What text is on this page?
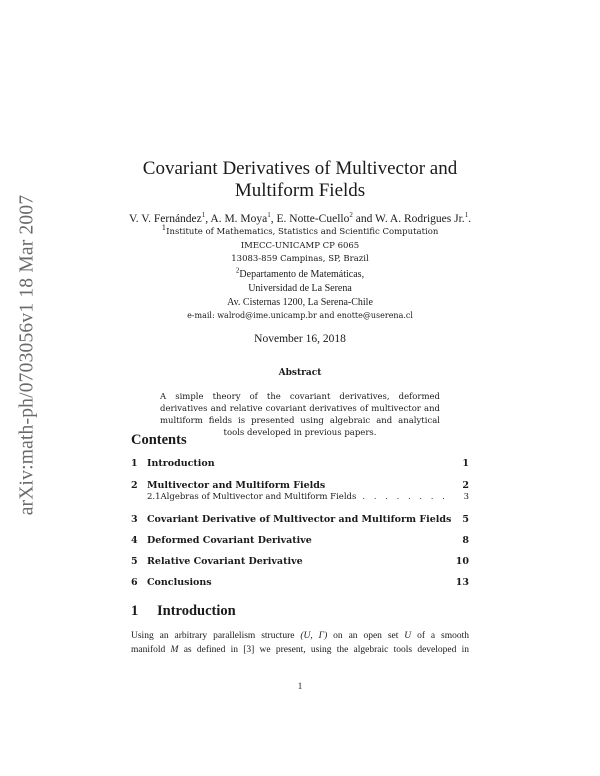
arXiv:math-ph/0703056v1 18 Mar 2007
Covariant Derivatives of Multivector and
Multiform Fields
V. V. Fernández$^1$, A. M. Moya$^1$, E. Notte-Cuello$^2$ and W. A. Rodrigues Jr.$^1$.
$^1$Institute of Mathematics, Statistics and Scientific Computation
IMECC-UNICAMP CP 6065
13083-859 Campinas, SP, Brazil
$^2$Departamento de Matemáticas,
Universidad de La Serena
Av. Cisternas 1200, La Serena-Chile
e-mail: walrod@ime.unicamp.br and enotte@userena.cl
November 16, 2018
Abstract

A simple theory of the covariant derivatives, deformed derivatives and relative covariant derivatives of multivector and multiform fields is presented using algebraic and analytical tools developed in previous papers.

Contents
1 Introduction	1
2 Multivector and Multiform Fields	2
2.1 Algebras of Multivector and Multiform Fields . . .	3
3 Covariant Derivative of Multivector and Multiform Fields	5
4 Deformed Covariant Derivative	8
5 Relative Covariant Derivative	10
6 Conclusions	13
1 Introduction
Using an arbitrary parallelism structure (U, Γ) on an open set U of a smooth
manifold M as defined in [3] we present, using the algebraic tools developed in
1
